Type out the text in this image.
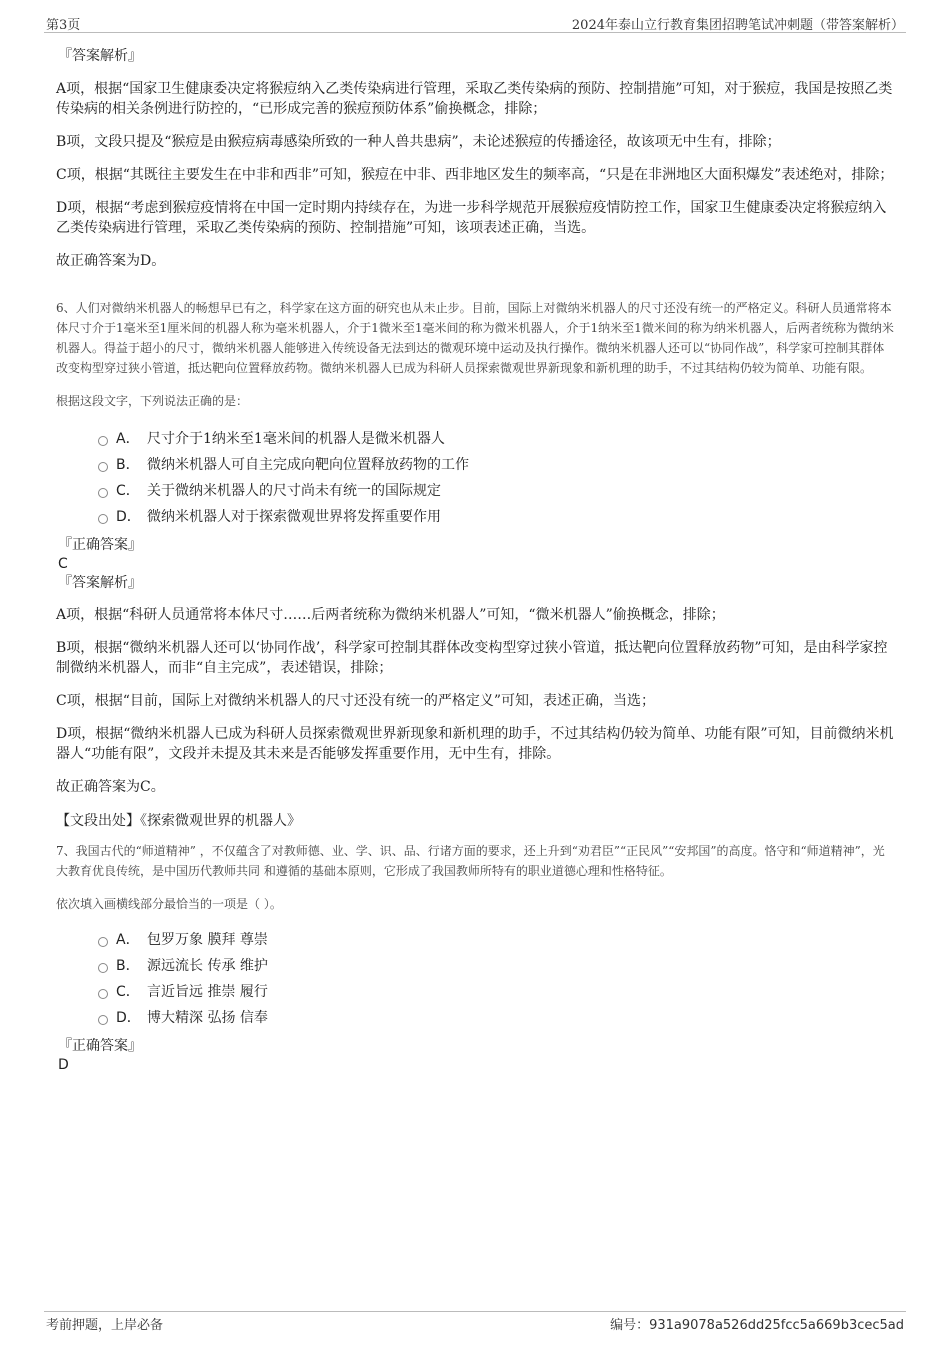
第3页	2024年泰山立行教育集团招聘笔试冲刺题（带答案解析）
『答案解析』

A项，根据“国家卫生健康委决定将猴痘纳入乙类传染病进行管理，采取乙类传染病的预防、控制措施”可知，对于猴痘，我国是按照乙类传染病的相关条例进行防控的，“已形成完善的猴痘预防体系”偷换概念，排除；

B项，文段只提及“猴痘是由猴痘病毒感染所致的一种人兽共患病”，未论述猴痘的传播途径，故该项无中生有，排除；

C项，根据“其既往主要发生在中非和西非”可知，猴痘在中非、西非地区发生的频率高，“只是在非洲地区大面积爆发”表述绝对，排除；

D项，根据“考虑到猴痘疫情将在中国一定时期内持续存在，为进一步科学规范开展猴痘疫情防控工作，国家卫生健康委决定将猴痘纳入乙类传染病进行管理，采取乙类传染病的预防、控制措施”可知，该项表述正确，当选。

故正确答案为D。

6、人们对微纳米机器人的畅想早已有之，科学家在这方面的研究也从未止步。目前，国际上对微纳米机器人的尺寸还没有统一的严格定义。科研人员通常将本体尺寸介于1毫米至1厘米间的机器人称为毫米机器人，介于1微米至1毫米间的称为微米机器人，介于1纳米至1微米间的称为纳米机器人，后两者统称为微纳米机器人。得益于超小的尺寸，微纳米机器人能够进入传统设备无法到达的微观环境中运动及执行操作。微纳米机器人还可以“协同作战”，科学家可控制其群体改变构型穿过狭小管道，抵达靶向位置释放药物。微纳米机器人已成为科研人员探索微观世界新现象和新机理的助手，不过其结构仍较为简单、功能有限。

根据这段文字，下列说法正确的是：

A． 尺寸介于1纳米至1毫米间的机器人是微米机器人
B． 微纳米机器人可自主完成向靶向位置释放药物的工作
C． 关于微纳米机器人的尺寸尚未有统一的国际规定
D． 微纳米机器人对于探索微观世界将发挥重要作用
『正确答案』
C
『答案解析』

A项，根据“科研人员通常将本体尺寸……后两者统称为微纳米机器人”可知，“微米机器人”偷换概念，排除；

B项，根据“微纳米机器人还可以‘协同作战’，科学家可控制其群体改变构型穿过狭小管道，抵达靶向位置释放药物”可知，是由科学家控制微纳米机器人，而非“自主完成”，表述错误，排除；

C项，根据“目前，国际上对微纳米机器人的尺寸还没有统一的严格定义”可知，表述正确，当选；

D项，根据“微纳米机器人已成为科研人员探索微观世界新现象和新机理的助手，不过其结构仍较为简单、功能有限”可知，目前微纳米机器人“功能有限”，文段并未提及其未来是否能够发挥重要作用，无中生有，排除。

故正确答案为C。

【文段出处】《探索微观世界的机器人》

7、我国古代的“师道精神” ，不仅蕴含了对教师德、业、学、识、品、行诸方面的要求，还上升到“劝君臣”“正民风”“安邦国”的高度。恪守和“师道精神”，光大教育优良传统，是中国历代教师共同 和遵循的基础本原则，它形成了我国教师所特有的职业道德心理和性格特征。

依次填入画横线部分最恰当的一项是（ ）。

A． 包罗万象 膜拜 尊崇
B． 源远流长 传承 维护
C． 言近旨远 推崇 履行
D． 博大精深 弘扬 信奉
『正确答案』
D
考前押题，上岸必备	编号：931a9078a526dd25fcc5a669b3cec5ad
